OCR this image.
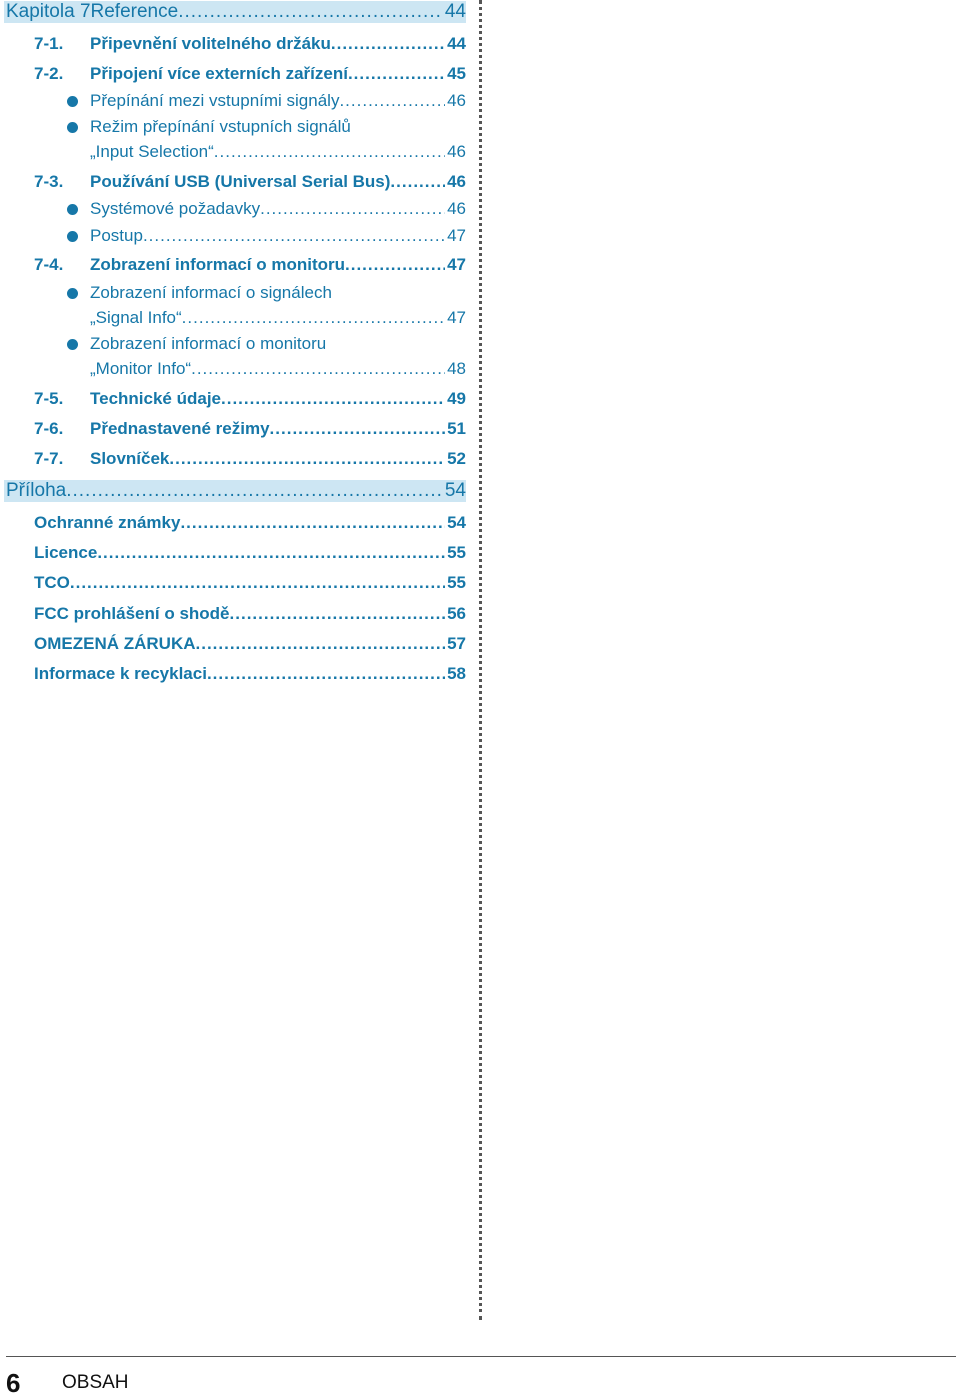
Kapitola 7 Reference .....	44
7-1. Připevnění volitelného držáku .....	44
7-2. Připojení více externích zařízení .....	45
Přepínání mezi vstupními signály .....	46
Režim přepínání vstupních signálů
„Input Selection“ .....	46
7-3. Používání USB (Universal Serial Bus) .....	46
Systémové požadavky .....	46
Postup .....	47
7-4. Zobrazení informací o monitoru .....	47
Zobrazení informací o signálech
„Signal Info“ .....	47
Zobrazení informací o monitoru
„Monitor Info“ .....	48
7-5. Technické údaje .....	49
7-6. Přednastavené režimy .....	51
7-7. Slovníček .....	52
Příloha .....	54
Ochranné známky .....	54
Licence .....	55
TCO .....	55
FCC prohlášení o shodě .....	56
OMEZENÁ ZÁRUKA .....	57
Informace k recyklaci .....	58
6 OBSAH
